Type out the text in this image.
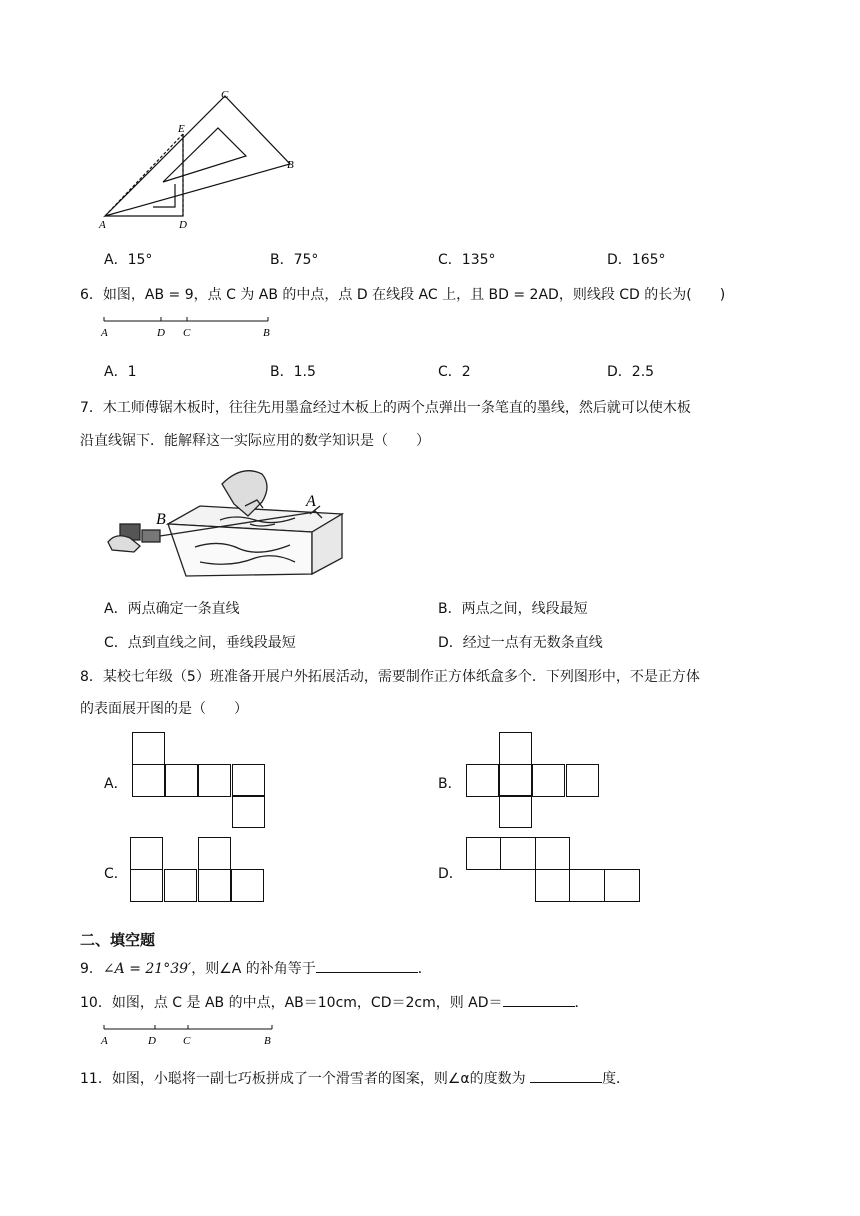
A	D
E
C
B
A．15°	B．75°	C．135°	D．165°
6．如图，AB = 9，点 C 为 AB 的中点，点 D 在线段 AC 上，且 BD = 2AD，则线段 CD 的长为(　　)
A	D C	B
A．1	B．1.5	C．2	D．2.5
7．木工师傅锯木板时，往往先用墨盒经过木板上的两个点弹出一条笔直的墨线，然后就可以使木板
沿直线锯下．能解释这一实际应用的数学知识是（　　）
A
B
A．两点确定一条直线	B．两点之间，线段最短
C．点到直线之间，垂线段最短	D．经过一点有无数条直线
8．某校七年级（5）班准备开展户外拓展活动，需要制作正方体纸盒多个．下列图形中，不是正方体
的表面展开图的是（　　）
A．	B．
C．	D．
二、填空题
9．∠A = 21°39′，则∠A 的补角等于	．
10．如图，点 C 是 AB 的中点，AB＝10cm，CD＝2cm，则 AD＝	．
A	D C	B
11．如图，小聪将一副七巧板拼成了一个滑雪者的图案，则∠α的度数为	度．
